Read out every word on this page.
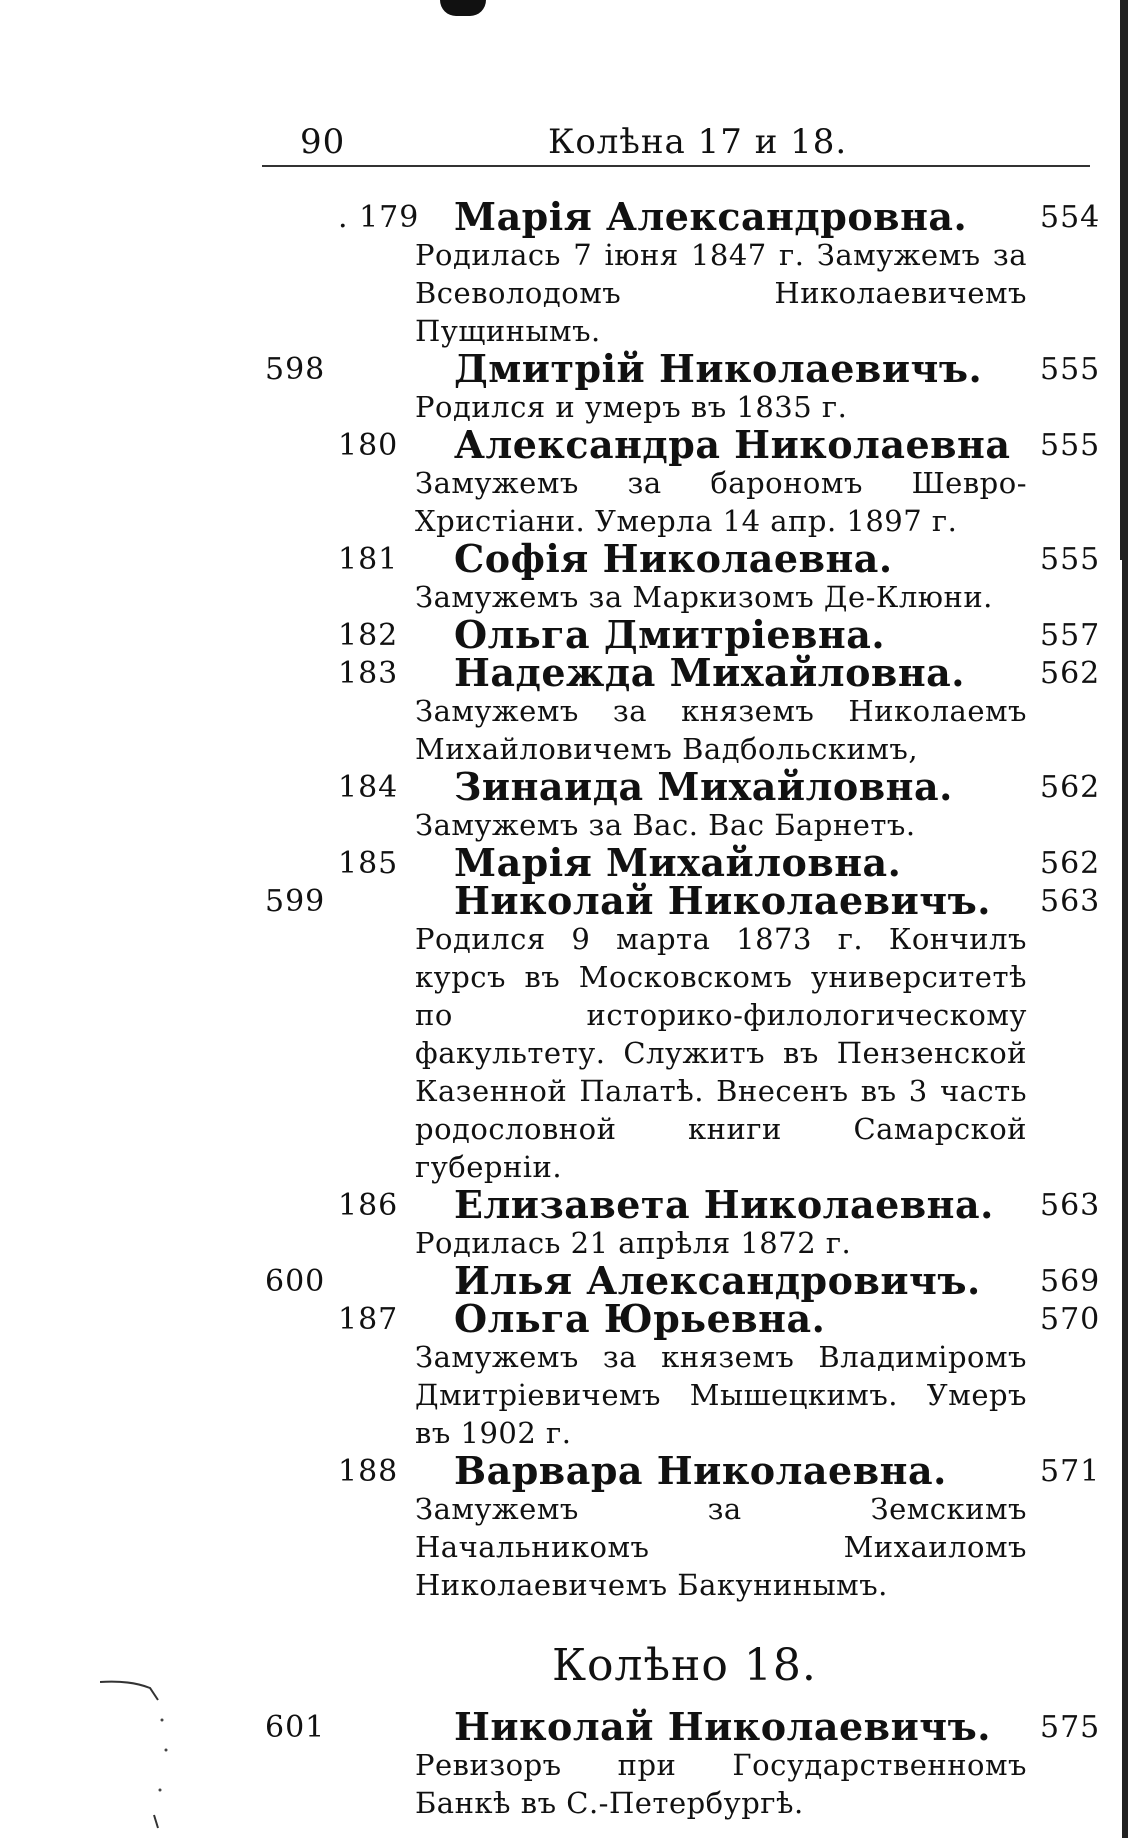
90	Колѣна 17 и 18.
. 179 Марія Александровна. 554
Родилась 7 іюня 1847 г. Замужемъ за Всеволодомъ Николаевичемъ Пущинымъ.
598	Дмитрій Николаевичъ. 555
Родился и умеръ въ 1835 г.
180 Александра Николаевна 555
Замужемъ за барономъ Шевро-Христіани. Умерла 14 апр. 1897 г.
181 Софія Николаевна.	555
Замужемъ за Маркизомъ Де-Клюни.
182 Ольга Дмитріевна.	557
183 Надежда Михайловна.	562
Замужемъ за княземъ Николаемъ Михайловичемъ Вадбольскимъ,
184 Зинаида Михайловна.	562
Замужемъ за Вас. Вас Барнетъ.
185 Марія Михайловна.	562
599	Николай Николаевичъ. 563
Родился 9 марта 1873 г. Кончилъ курсъ въ Московскомъ университетѣ по историко-филологическому факультету. Служитъ въ Пензенской Казенной Палатѣ. Внесенъ въ 3 часть родословной книги Самарской губерніи.
186 Елизавета Николаевна. 563
Родилась 21 апрѣля 1872 г.
600	Илья Александровичъ. 569
187 Ольга Юрьевна.	570
Замужемъ за княземъ Владиміромъ Дмитріевичемъ Мышецкимъ. Умеръ въ 1902 г.
188 Варвара Николаевна.	571
Замужемъ за Земскимъ Начальникомъ Михаиломъ Николаевичемъ Бакунинымъ.
Колѣно 18.
601	Николай Николаевичъ. 575
Ревизоръ при Государственномъ Банкѣ въ С.-Петербургѣ.
